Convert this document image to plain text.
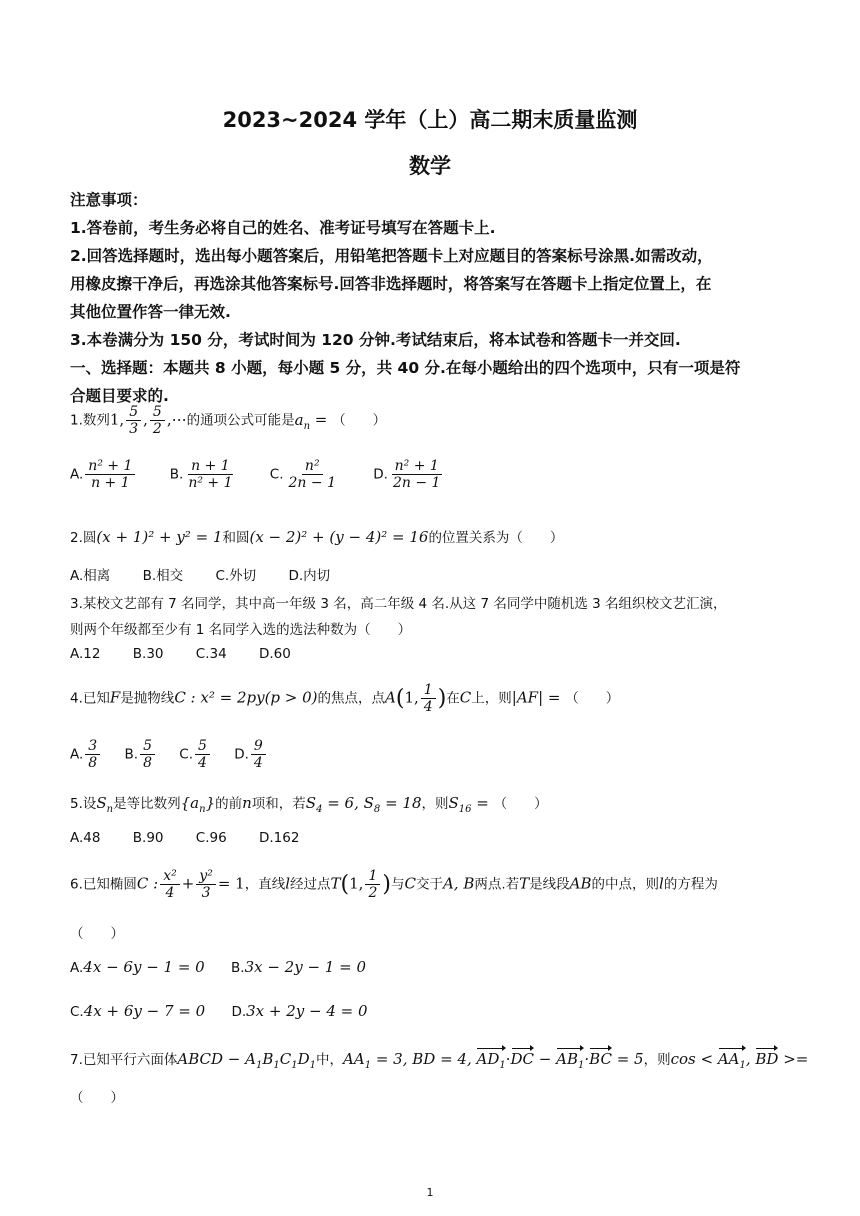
2023~2024 学年（上）高二期末质量监测
数学
注意事项：
1.答卷前，考生务必将自己的姓名、准考证号填写在答题卡上.
2.回答选择题时，选出每小题答案后，用铅笔把答题卡上对应题目的答案标号涂黑.如需改动，
用橡皮擦干净后，再选涂其他答案标号.回答非选择题时，将答案写在答题卡上指定位置上，在
其他位置作答一律无效.
3.本卷满分为 150 分，考试时间为 120 分钟.考试结束后，将本试卷和答题卡一并交回.
一、选择题：本题共 8 小题，每小题 5 分，共 40 分.在每小题给出的四个选项中，只有一项是符
合题目要求的.
1.数列1, $\frac{5}{3}$ , $\frac{5}{2}$ ,⋯的通项公式可能是$a_n$ = （　　）
A. $\frac{\text{n² + 1}}{n + 1}$	B. $\frac{n + 1}{\text{n² + 1}}$	C. $\frac{\text{n²}}{2n - 1}$	D. $\frac{\text{n² + 1}}{2n - 1}$
2.圆(x + 1)² + y² = 1和圆(x − 2)² + (y − 4)² = 16的位置关系为（　　）
A.相离 B.相交 C.外切 D.内切
3.某校文艺部有 7 名同学，其中高一年级 3 名，高二年级 4 名.从这 7 名同学中随机选 3 名组织校文艺汇演，
则两个年级都至少有 1 名同学入选的选法种数为（　　）
A.12 B.30 C.34 D.60
4.已知F是抛物线C : x² = 2py(p > 0)的焦点，点A(1, $\frac{1}{4}$ )在C上，则|AF| = （　　）
A. $\frac{3}{8} B$. $\frac{5}{8} C$. $\frac{5}{4} D$. $\frac{9}{4}$
5.设$S_n$是等比数列$\{a_n\}$的前n项和，若$S_4 = 6$, $S_8 = 18$，则$S_{16}$ = （　　）
A.48 B.90 C.96 D.162
6.已知椭圆C : $\frac{\text{x²}}{4} + \frac{\text{y²}}{3} = 1$，直线l经过点T(1, $\frac{1}{2}$ )与C交于A, B两点.若T是线段AB的中点，则l的方程为
（　　）
A.4x − 6y − 1 = 0 B.3x − 2y − 1 = 0
C.4x + 6y − 7 = 0 D.3x + 2y − 4 = 0
7.已知平行六面体ABCD − $A_1B_1C_1D_1$中，$AA_1 = 3$, BD = 4, $AD_1\cdot DC - AB_1\cdot BC = 5$，则$\cos < AA_1$, BD >=
（　　）
1
